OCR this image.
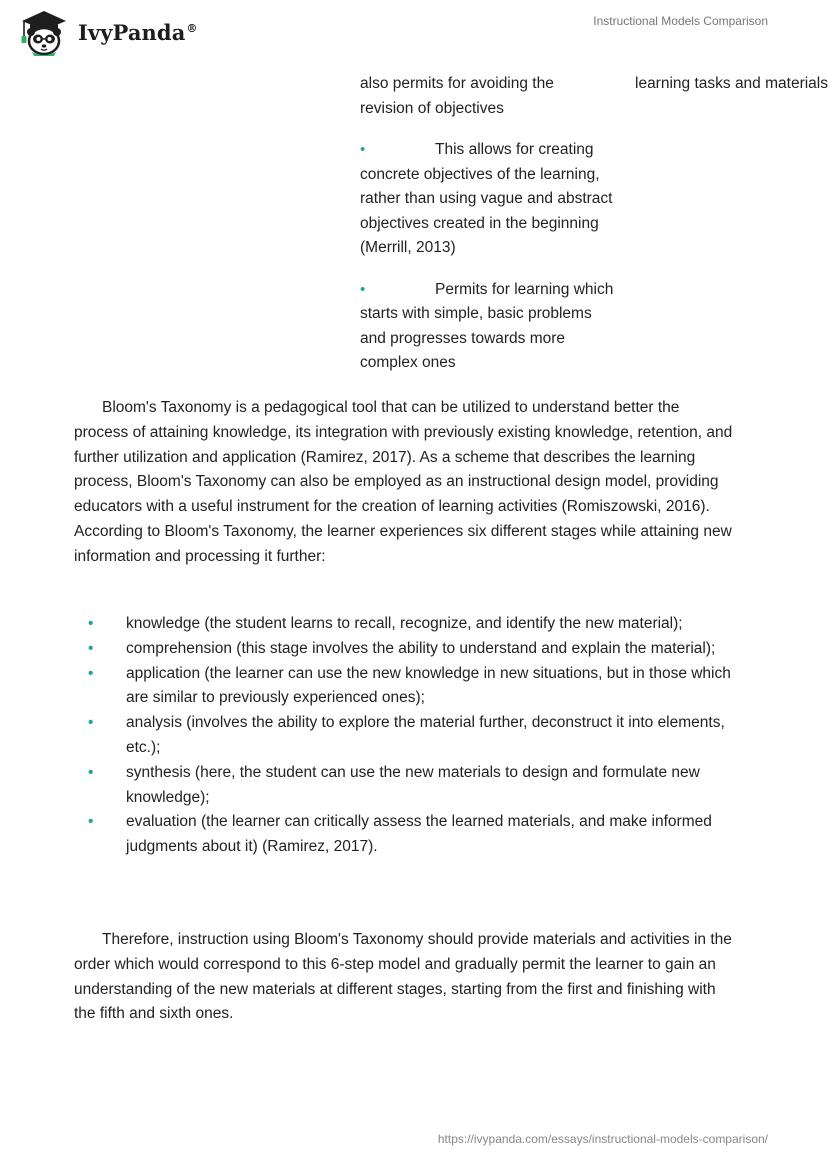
IvyPanda®	Instructional Models Comparison

also permits for avoiding the revision of objectives

learning tasks and materials

•	This allows for creating concrete objectives of the learning, rather than using vague and abstract objectives created in the beginning (Merrill, 2013)

•	Permits for learning which starts with simple, basic problems and progresses towards more complex ones

Bloom's Taxonomy is a pedagogical tool that can be utilized to understand better the process of attaining knowledge, its integration with previously existing knowledge, retention, and further utilization and application (Ramirez, 2017). As a scheme that describes the learning process, Bloom's Taxonomy can also be employed as an instructional design model, providing educators with a useful instrument for the creation of learning activities (Romiszowski, 2016). According to Bloom's Taxonomy, the learner experiences six different stages while attaining new information and processing it further:

• knowledge (the student learns to recall, recognize, and identify the new material);
• comprehension (this stage involves the ability to understand and explain the material);
• application (the learner can use the new knowledge in new situations, but in those which are similar to previously experienced ones);
• analysis (involves the ability to explore the material further, deconstruct it into elements, etc.);
• synthesis (here, the student can use the new materials to design and formulate new knowledge);
• evaluation (the learner can critically assess the learned materials, and make informed judgments about it) (Ramirez, 2017).

Therefore, instruction using Bloom's Taxonomy should provide materials and activities in the order which would correspond to this 6-step model and gradually permit the learner to gain an understanding of the new materials at different stages, starting from the first and finishing with the fifth and sixth ones.

https://ivypanda.com/essays/instructional-models-comparison/
